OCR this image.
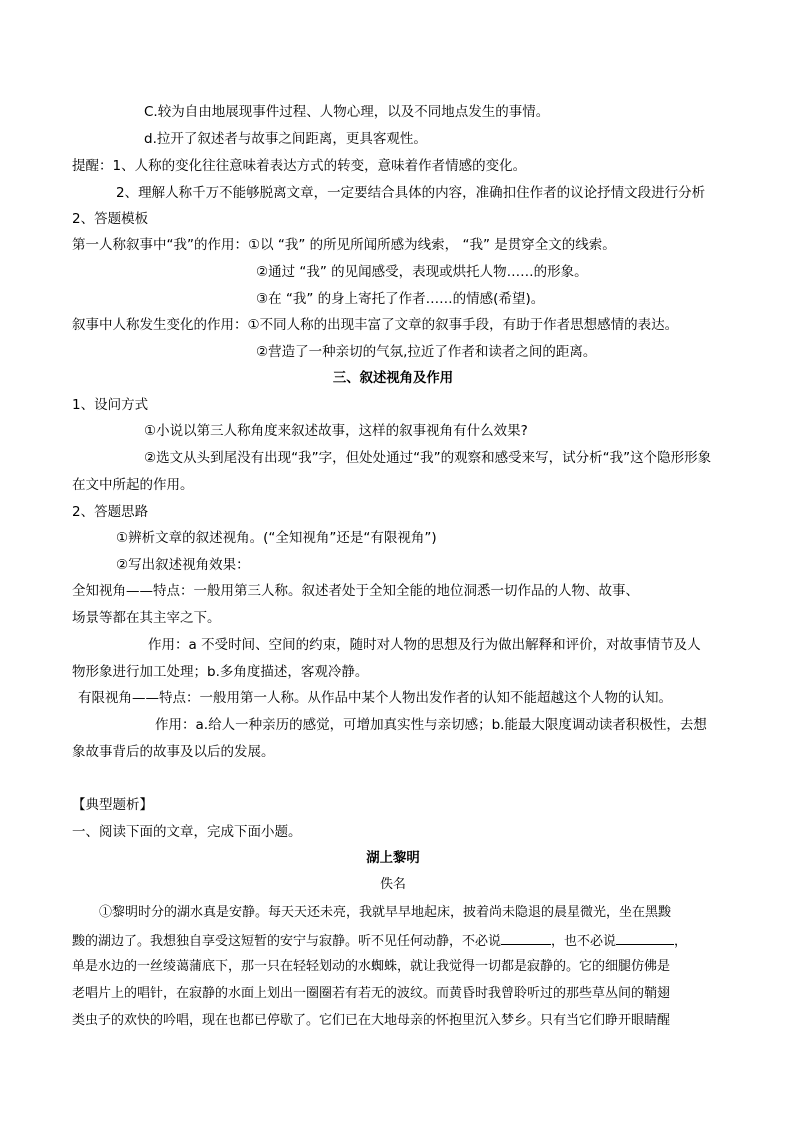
C.较为自由地展现事件过程、人物心理，以及不同地点发生的事情。
d.拉开了叙述者与故事之间距离，更具客观性。
提醒：1、人称的变化往往意味着表达方式的转变，意味着作者情感的变化。
2、理解人称千万不能够脱离文章，一定要结合具体的内容，准确扣住作者的议论抒情文段进行分析
2、答题模板
第一人称叙事中“我”的作用：①以 “我” 的所见所闻所感为线索， “我” 是贯穿全文的线索。
②通过 “我” 的见闻感受，表现或烘托人物……的形象。
③在 “我” 的身上寄托了作者……的情感(希望)。
叙事中人称发生变化的作用：①不同人称的出现丰富了文章的叙事手段，有助于作者思想感情的表达。
②营造了一种亲切的气氛,拉近了作者和读者之间的距离。
三、叙述视角及作用
1、设问方式
①小说以第三人称角度来叙述故事，这样的叙事视角有什么效果?
②选文从头到尾没有出现“我”字，但处处通过“我”的观察和感受来写，试分析“我”这个隐形形象
在文中所起的作用。
2、答题思路
①辨析文章的叙述视角。(“全知视角”还是“有限视角”)
②写出叙述视角效果：
全知视角——特点：一般用第三人称。叙述者处于全知全能的地位洞悉一切作品的人物、故事、
场景等都在其主宰之下。
作用：a 不受时间、空间的约束，随时对人物的思想及行为做出解释和评价，对故事情节及人
物形象进行加工处理；b.多角度描述，客观冷静。
有限视角——特点：一般用第一人称。从作品中某个人物出发作者的认知不能超越这个人物的认知。
作用：a.给人一种亲历的感觉，可增加真实性与亲切感；b.能最大限度调动读者积极性，去想
象故事背后的故事及以后的发展。
【典型题析】
一、阅读下面的文章，完成下面小题。
湖上黎明
佚名
①黎明时分的湖水真是安静。每天天还未亮，我就早早地起床，披着尚未隐退的晨星微光，坐在黑黢
黢的湖边了。我想独自享受这短暂的安宁与寂静。听不见任何动静，不必说	，也不必说	，
单是水边的一丝绫蔼蒲底下，那一只在轻轻划动的水蜘蛛，就让我觉得一切都是寂静的。它的细腿仿佛是
老唱片上的唱针，在寂静的水面上划出一圈圈若有若无的波纹。而黄昏时我曾聆听过的那些草丛间的鞘翅
类虫子的欢快的吟唱，现在也都已停歇了。它们已在大地母亲的怀抱里沉入梦乡。只有当它们睁开眼睛醒
